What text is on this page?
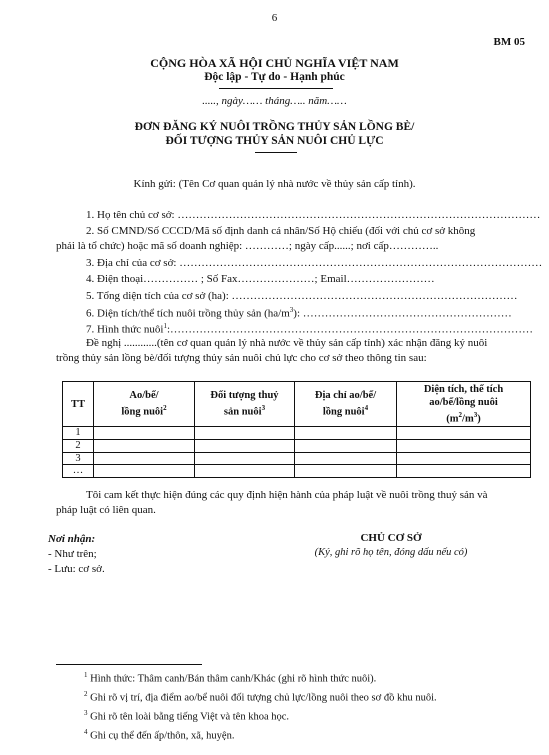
6
BM 05
CỘNG HÒA XÃ HỘI CHỦ NGHĨA VIỆT NAM
Độc lập - Tự do - Hạnh phúc
....., ngày…… tháng….. năm……
ĐƠN ĐĂNG KÝ NUÔI TRỒNG THỦY SẢN LỒNG BÈ/
ĐỐI TƯỢNG THỦY SẢN NUÔI CHỦ LỰC
Kính gửi: (Tên Cơ quan quản lý nhà nước về thủy sản cấp tỉnh).
1. Họ tên chủ cơ sở: ………………………………………………………………………………………
2. Số CMND/Số CCCD/Mã số định danh cá nhân/Số Hộ chiếu (đối với chủ cơ sở không
phải là tổ chức) hoặc mã số doanh nghiệp: …………; ngày cấp......; nơi cấp…………..
3. Địa chỉ của cơ sở: ………………………………………………………………………………………
4. Điện thoại…………… ; Số Fax…………………; Email……………………
5. Tổng diện tích của cơ sở (ha): ……………………………………………………………………
6. Diện tích/thể tích nuôi trồng thủy sản $(ha/m^3)$: …………………………………………………
7. Hình thức nuôi$^1$:………………………………………………………………………………………
Đề nghị ............(tên cơ quan quản lý nhà nước về thủy sản cấp tỉnh) xác nhận đăng ký nuôi
trồng thủy sản lồng bè/đối tượng thủy sản nuôi chủ lực cho cơ sở theo thông tin sau:
TT	Ao/bể/
lồng nuôi$^2$	Đối tượng thuỷ
sản nuôi$^3$	Địa chỉ ao/bể/
lồng nuôi$^4$	Diện tích, thể tích
ao/bể/lồng nuôi
$(m^2/m^3)$
1				
2				
3				
…				
Tôi cam kết thực hiện đúng các quy định hiện hành của pháp luật về nuôi trồng thuỷ sản và
pháp luật có liên quan.
Nơi nhận:
- Như trên;
- Lưu: cơ sở.
CHỦ CƠ SỞ
(Ký, ghi rõ họ tên, đóng dấu nếu có)
$^1$ Hình thức: Thâm canh/Bán thâm canh/Khác (ghi rõ hình thức nuôi).
$^2$ Ghi rõ vị trí, địa điểm ao/bể nuôi đối tượng chủ lực/lồng nuôi theo sơ đồ khu nuôi.
$^3$ Ghi rõ tên loài bằng tiếng Việt và tên khoa học.
$^4$ Ghi cụ thể đến ấp/thôn, xã, huyện.
